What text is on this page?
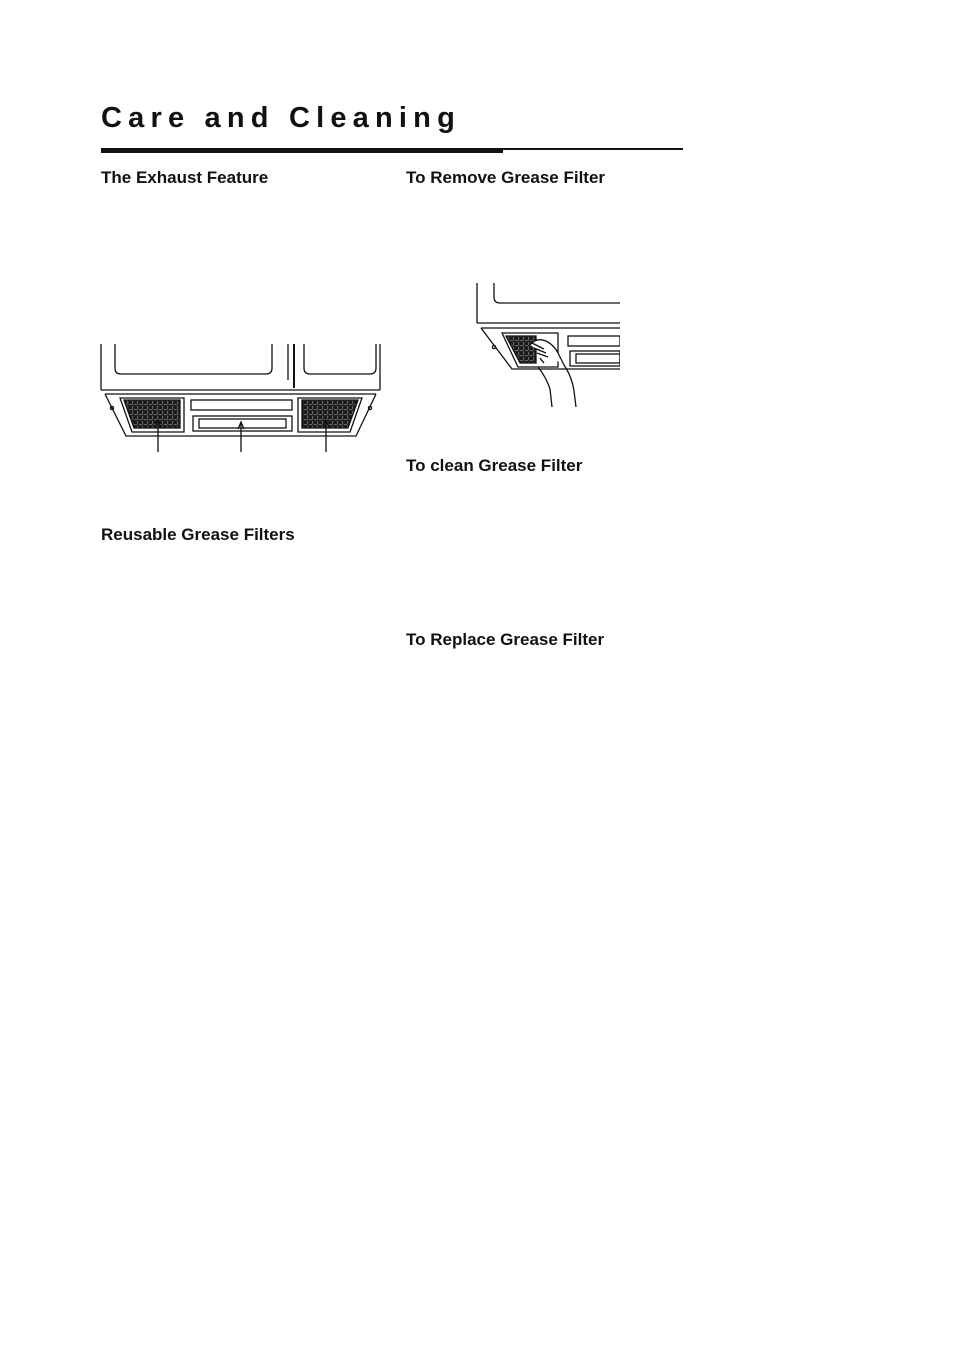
Care and Cleaning
The Exhaust Feature
Reusable Grease Filters
To Remove Grease Filter
To clean Grease Filter
To Replace Grease Filter
